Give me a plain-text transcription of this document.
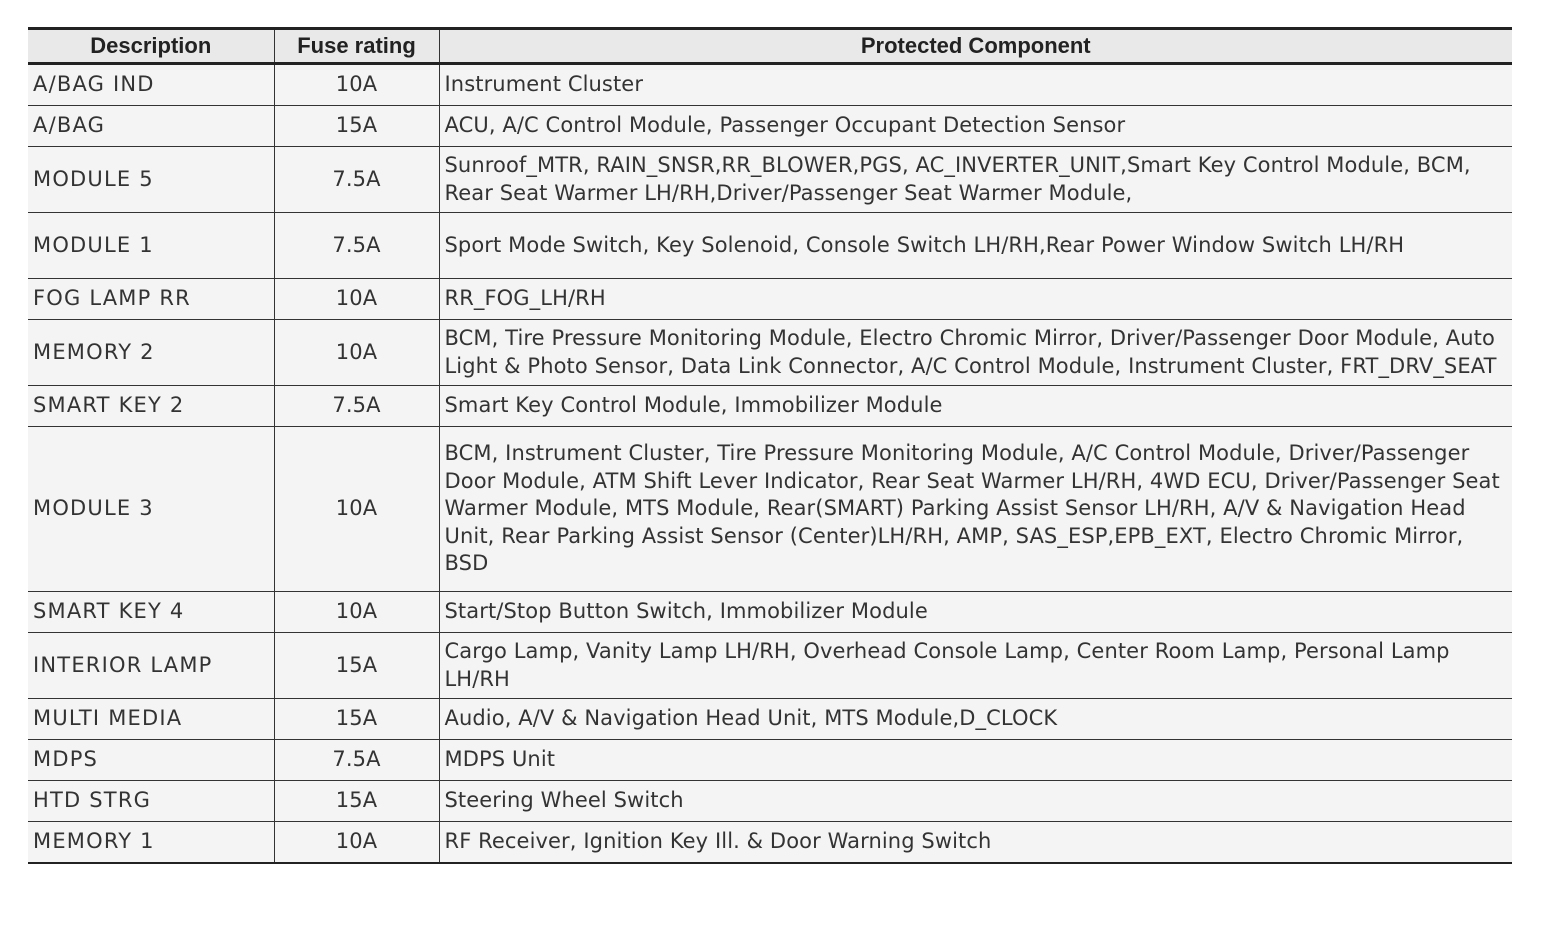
Description	Fuse rating	Protected Component
A/BAG IND	10A	Instrument Cluster
A/BAG	15A	ACU, A/C Control Module, Passenger Occupant Detection Sensor
MODULE 5	7.5A	Sunroof_MTR, RAIN_SNSR,RR_BLOWER,PGS, AC_INVERTER_UNIT,Smart Key Control Module, BCM, Rear Seat Warmer LH/RH,Driver/Passenger Seat Warmer Module,
MODULE 1	7.5A	Sport Mode Switch, Key Solenoid, Console Switch LH/RH,Rear Power Window Switch LH/RH
FOG LAMP RR	10A	RR_FOG_LH/RH
MEMORY 2	10A	BCM, Tire Pressure Monitoring Module, Electro Chromic Mirror, Driver/Passenger Door Module, Auto Light & Photo Sensor, Data Link Connector, A/C Control Module, Instrument Cluster, FRT_DRV_SEAT
SMART KEY 2	7.5A	Smart Key Control Module, Immobilizer Module
MODULE 3	10A	BCM, Instrument Cluster, Tire Pressure Monitoring Module, A/C Control Module, Driver/Passenger Door Module, ATM Shift Lever Indicator, Rear Seat Warmer LH/RH, 4WD ECU, Driver/Passenger Seat Warmer Module, MTS Module, Rear(SMART) Parking Assist Sensor LH/RH, A/V & Navigation Head Unit, Rear Parking Assist Sensor (Center)LH/RH, AMP, SAS_ESP,EPB_EXT, Electro Chromic Mirror, BSD
SMART KEY 4	10A	Start/Stop Button Switch, Immobilizer Module
INTERIOR LAMP	15A	Cargo Lamp, Vanity Lamp LH/RH, Overhead Console Lamp, Center Room Lamp, Personal Lamp LH/RH
MULTI MEDIA	15A	Audio, A/V & Navigation Head Unit, MTS Module,D_CLOCK
MDPS	7.5A	MDPS Unit
HTD STRG	15A	Steering Wheel Switch
MEMORY 1	10A	RF Receiver, Ignition Key Ill. & Door Warning Switch
